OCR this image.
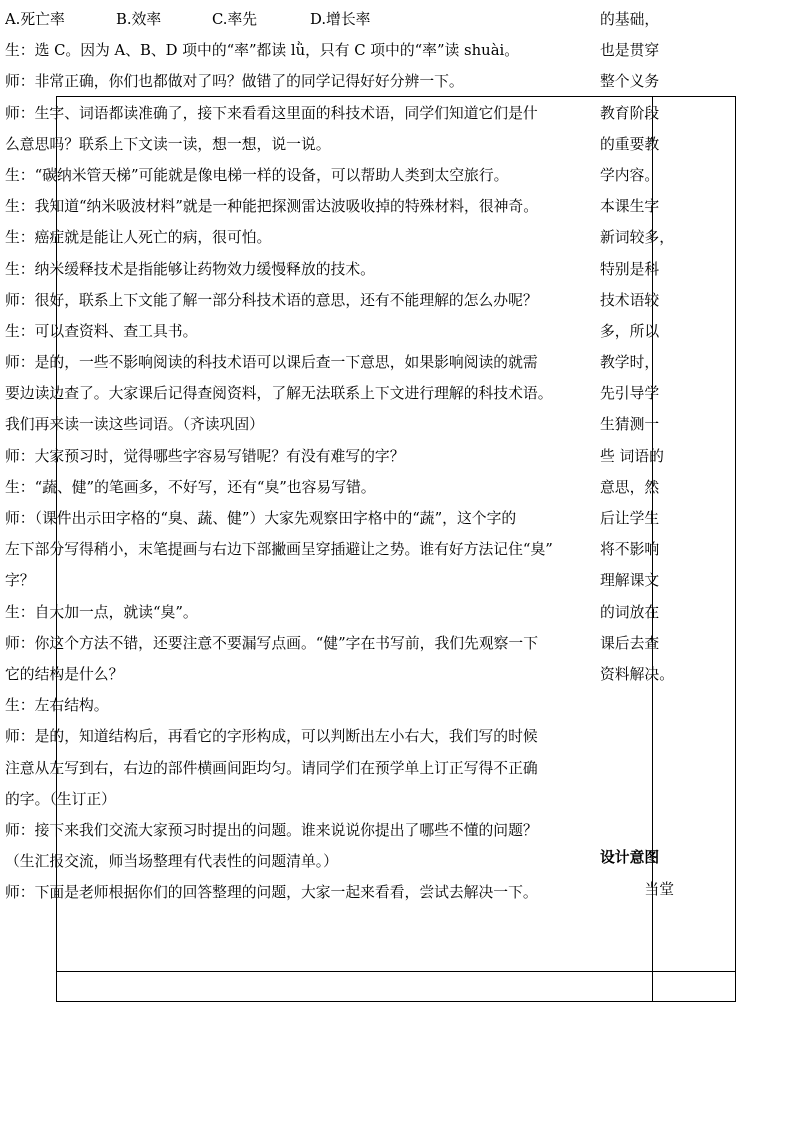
A.死亡率	B.效率	C.率先	D.增长率
生：选 C。因为 A、B、D 项中的“率”都读 lǜ，只有 C 项中的“率”读 shuài。
师：非常正确，你们也都做对了吗？做错了的同学记得好好分辨一下。
师：生字、词语都读准确了，接下来看看这里面的科技术语，同学们知道它们是什
么意思吗？联系上下文读一读，想一想，说一说。
生：“碳纳米管天梯”可能就是像电梯一样的设备，可以帮助人类到太空旅行。
生：我知道“纳米吸波材料”就是一种能把探测雷达波吸收掉的特殊材料，很神奇。
生：癌症就是能让人死亡的病，很可怕。
生：纳米缓释技术是指能够让药物效力缓慢释放的技术。
师：很好，联系上下文能了解一部分科技术语的意思，还有不能理解的怎么办呢？
生：可以查资料、查工具书。
师：是的，一些不影响阅读的科技术语可以课后查一下意思，如果影响阅读的就需
要边读边查了。大家课后记得查阅资料，了解无法联系上下文进行理解的科技术语。
我们再来读一读这些词语。（齐读巩固）
师：大家预习时，觉得哪些字容易写错呢？有没有难写的字？
生：“蔬、健”的笔画多，不好写，还有“臭”也容易写错。
师：（课件出示田字格的“臭、蔬、健”）大家先观察田字格中的“蔬”，这个字的
左下部分写得稍小，末笔提画与右边下部撇画呈穿插避让之势。谁有好方法记住“臭”
字？
生：自大加一点，就读“臭”。
师：你这个方法不错，还要注意不要漏写点画。“健”字在书写前，我们先观察一下
它的结构是什么？
生：左右结构。
师：是的，知道结构后，再看它的字形构成，可以判断出左小右大，我们写的时候
注意从左写到右，右边的部件横画间距均匀。请同学们在预学单上订正写得不正确
的字。（生订正）
师：接下来我们交流大家预习时提出的问题。谁来说说你提出了哪些不懂的问题？
（生汇报交流，师当场整理有代表性的问题清单。）
师：下面是老师根据你们的回答整理的问题，大家一起来看看，尝试去解决一下。
的基础，
也是贯穿
整个义务
教育阶段
的重要教
学内容。
本课生字
新词较多，
特别是科
技术语较
多，所以
教学时，
先引导学
生猜测一
些 词语的
意思，然
后让学生
将不影响
理解课文
的词放在
课后去查
资料解决。
设计意图
当堂
